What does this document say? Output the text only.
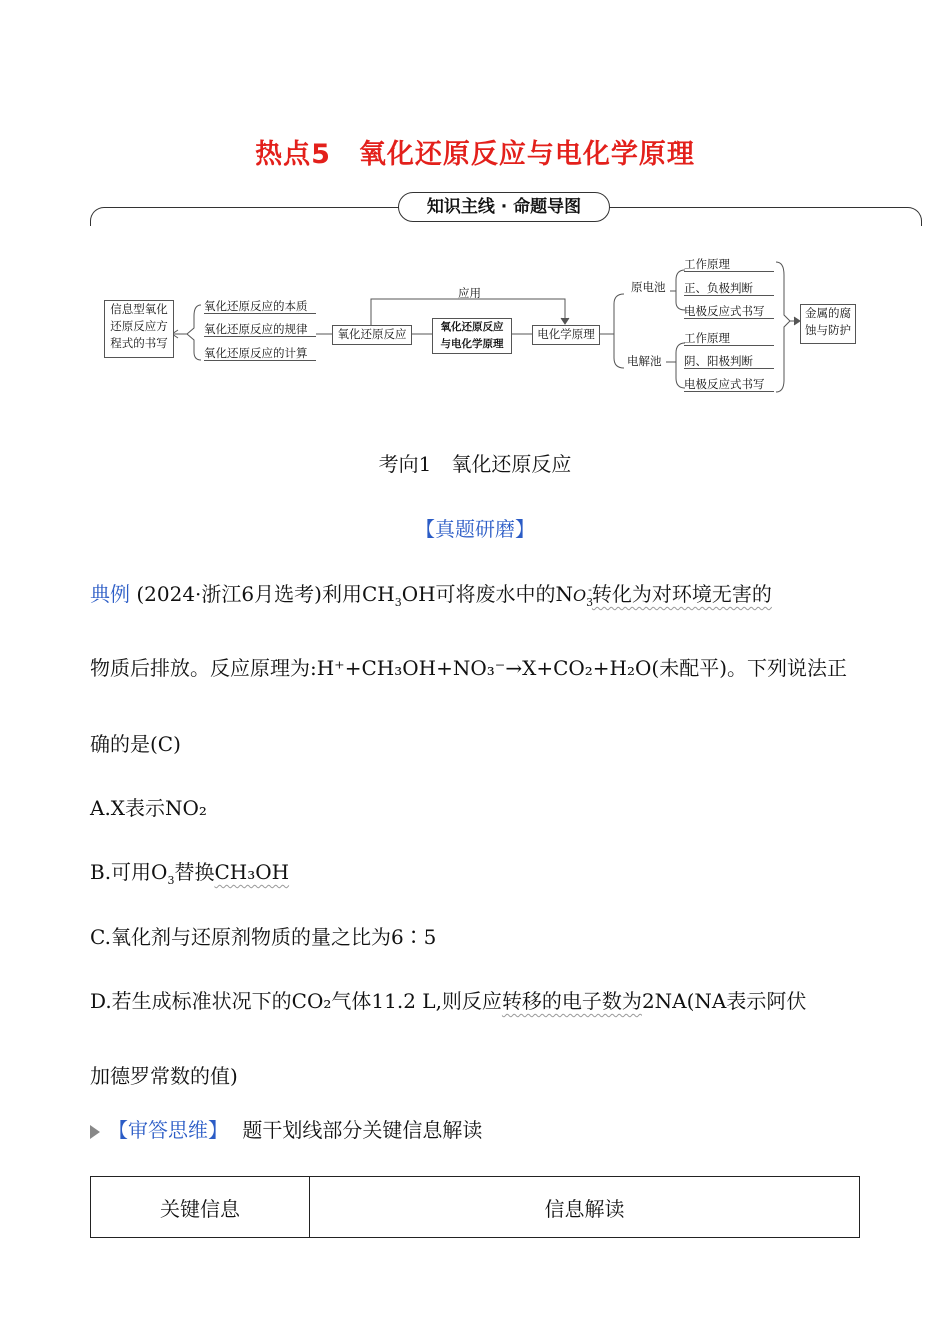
热点5　氧化还原反应与电化学原理
知识主线 · 命题导图
信息型氧化
还原反应方
程式的书写
氧化还原反应的本质
氧化还原反应的规律
氧化还原反应的计算
氧化还原反应
应用
氧化还原反应
与电化学原理
电化学原理
原电池
电解池
工作原理
正、负极判断
电极反应式书写
工作原理
阴、阳极判断
电极反应式书写
金属的腐
蚀与防护
考向1　氧化还原反应
【真题研磨】
典例 (2024·浙江6月选考)利用$CH_3OH$可将废水中的$NO_3^-$转化为对环境无害的
物质后排放。反应原理为:H⁺+CH₃OH+NO₃⁻→X+CO₂+H₂O(未配平)。下列说法正
确的是(C)
A.X表示NO₂
B.可用$O_3$替换CH₃OH
C.氧化剂与还原剂物质的量之比为6∶5
D.若生成标准状况下的CO₂气体11.2 L,则反应转移的电子数为2NA(NA表示阿伏
加德罗常数的值)
【审答思维】 题干划线部分关键信息解读
关键信息	信息解读
